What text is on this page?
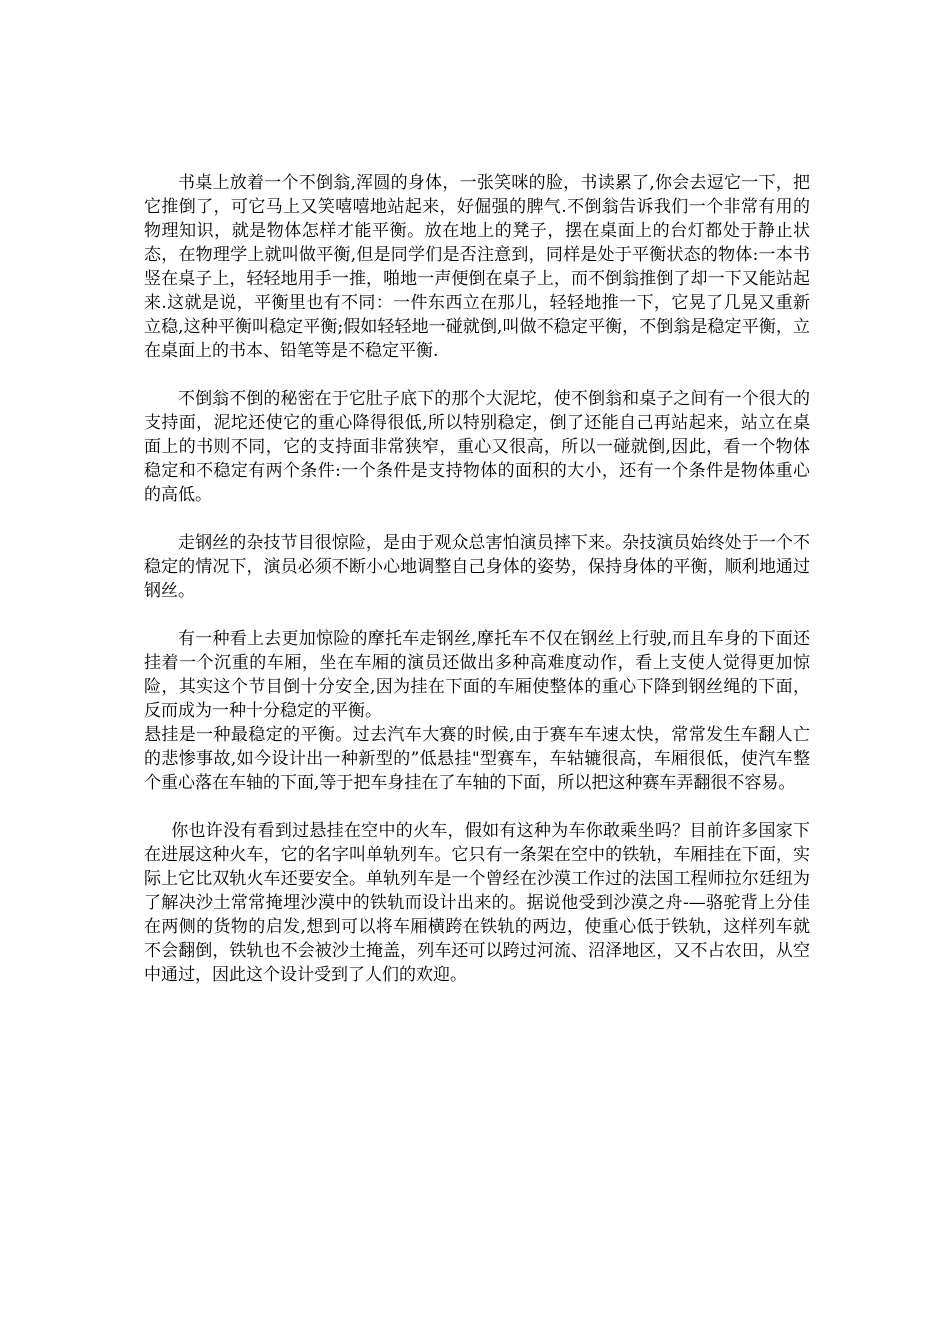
书桌上放着一个不倒翁,浑圆的身体，一张笑咪的脸，书读累了,你会去逗它一下，把它推倒了，可它马上又笑嘻嘻地站起来，好倔强的脾气.不倒翁告诉我们一个非常有用的物理知识，就是物体怎样才能平衡。放在地上的凳子，摆在桌面上的台灯都处于静止状态，在物理学上就叫做平衡,但是同学们是否注意到，同样是处于平衡状态的物体:一本书竖在桌子上，轻轻地用手一推，啪地一声便倒在桌子上，而不倒翁推倒了却一下又能站起来.这就是说，平衡里也有不同：一件东西立在那儿，轻轻地推一下，它晃了几晃又重新立稳,这种平衡叫稳定平衡;假如轻轻地一碰就倒,叫做不稳定平衡，不倒翁是稳定平衡，立在桌面上的书本、铅笔等是不稳定平衡.

不倒翁不倒的秘密在于它肚子底下的那个大泥坨，使不倒翁和桌子之间有一个很大的支持面，泥坨还使它的重心降得很低,所以特别稳定，倒了还能自己再站起来，站立在桌面上的书则不同，它的支持面非常狭窄，重心又很高，所以一碰就倒,因此，看一个物体稳定和不稳定有两个条件:一个条件是支持物体的面积的大小，还有一个条件是物体重心的高低。

走钢丝的杂技节目很惊险，是由于观众总害怕演员摔下来。杂技演员始终处于一个不稳定的情况下，演员必须不断小心地调整自己身体的姿势，保持身体的平衡，顺利地通过钢丝。

有一种看上去更加惊险的摩托车走钢丝,摩托车不仅在钢丝上行驶,而且车身的下面还挂着一个沉重的车厢，坐在车厢的演员还做出多种高难度动作，看上支使人觉得更加惊险，其实这个节目倒十分安全,因为挂在下面的车厢使整体的重心下降到钢丝绳的下面，反而成为一种十分稳定的平衡。

悬挂是一种最稳定的平衡。过去汽车大赛的时候,由于赛车车速太快，常常发生车翻人亡的悲惨事故,如今设计出一种新型的”低悬挂"型赛车，车轱辘很高，车厢很低，使汽车整个重心落在车轴的下面,等于把车身挂在了车轴的下面，所以把这种赛车弄翻很不容易。

你也许没有看到过悬挂在空中的火车，假如有这种为车你敢乘坐吗？目前许多国家下在进展这种火车，它的名字叫单轨列车。它只有一条架在空中的铁轨，车厢挂在下面，实际上它比双轨火车还要安全。单轨列车是一个曾经在沙漠工作过的法国工程师拉尔廷纽为了解决沙土常常掩埋沙漠中的铁轨而设计出来的。据说他受到沙漠之舟-—骆驼背上分佳在两侧的货物的启发,想到可以将车厢横跨在铁轨的两边，使重心低于铁轨，这样列车就不会翻倒，铁轨也不会被沙土掩盖，列车还可以跨过河流、沼泽地区，又不占农田，从空中通过，因此这个设计受到了人们的欢迎。
